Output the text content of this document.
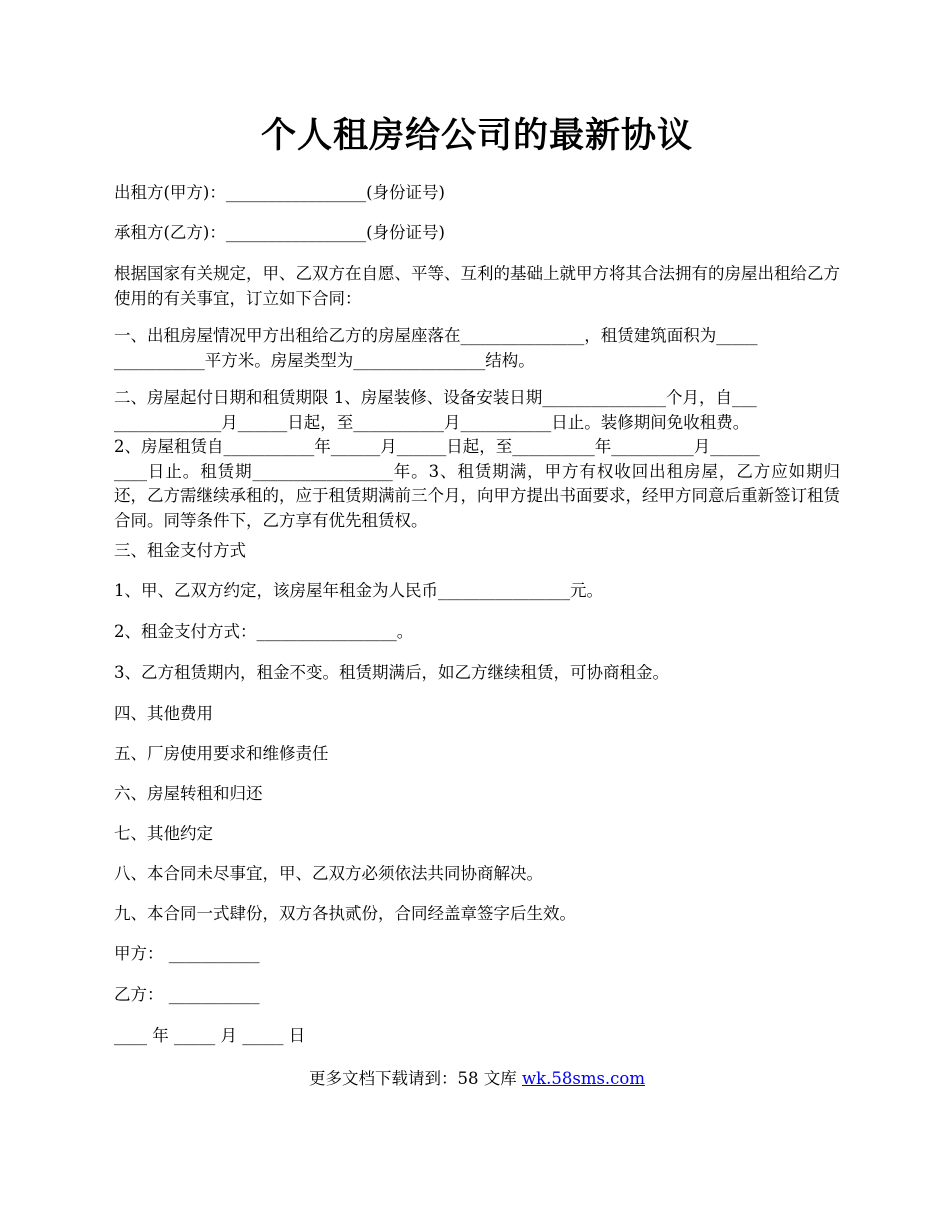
个人租房给公司的最新协议

出租方(甲方)：_________________(身份证号)

承租方(乙方)：_________________(身份证号)

根据国家有关规定，甲、乙双方在自愿、平等、互利的基础上就甲方将其合法拥有的房屋出租给乙方使用的有关事宜，订立如下合同：

一、出租房屋情况甲方出租给乙方的房屋座落在_______________，租赁建筑面积为_____
___________平方米。房屋类型为________________结构。

二、房屋起付日期和租赁期限 1、房屋装修、设备安装日期_______________个月，自___
_____________月______日起，至___________月___________日止。装修期间免收租费。
2、房屋租赁自___________年______月______日起，至__________年__________月______
____日止。租赁期_________________年。3、租赁期满，甲方有权收回出租房屋，乙方应如期归还，乙方需继续承租的，应于租赁期满前三个月，向甲方提出书面要求，经甲方同意后重新签订租赁合同。同等条件下，乙方享有优先租赁权。

三、租金支付方式

1、甲、乙双方约定，该房屋年租金为人民币________________元。

2、租金支付方式：_________________。

3、乙方租赁期内，租金不变。租赁期满后，如乙方继续租赁，可协商租金。

四、其他费用

五、厂房使用要求和维修责任

六、房屋转租和归还

七、其他约定

八、本合同未尽事宜，甲、乙双方必须依法共同协商解决。

九、本合同一式肆份，双方各执贰份，合同经盖章签字后生效。

甲方： ___________

乙方： ___________

____ 年 _____ 月 _____ 日

更多文档下载请到：58 文库 wk.58sms.com
